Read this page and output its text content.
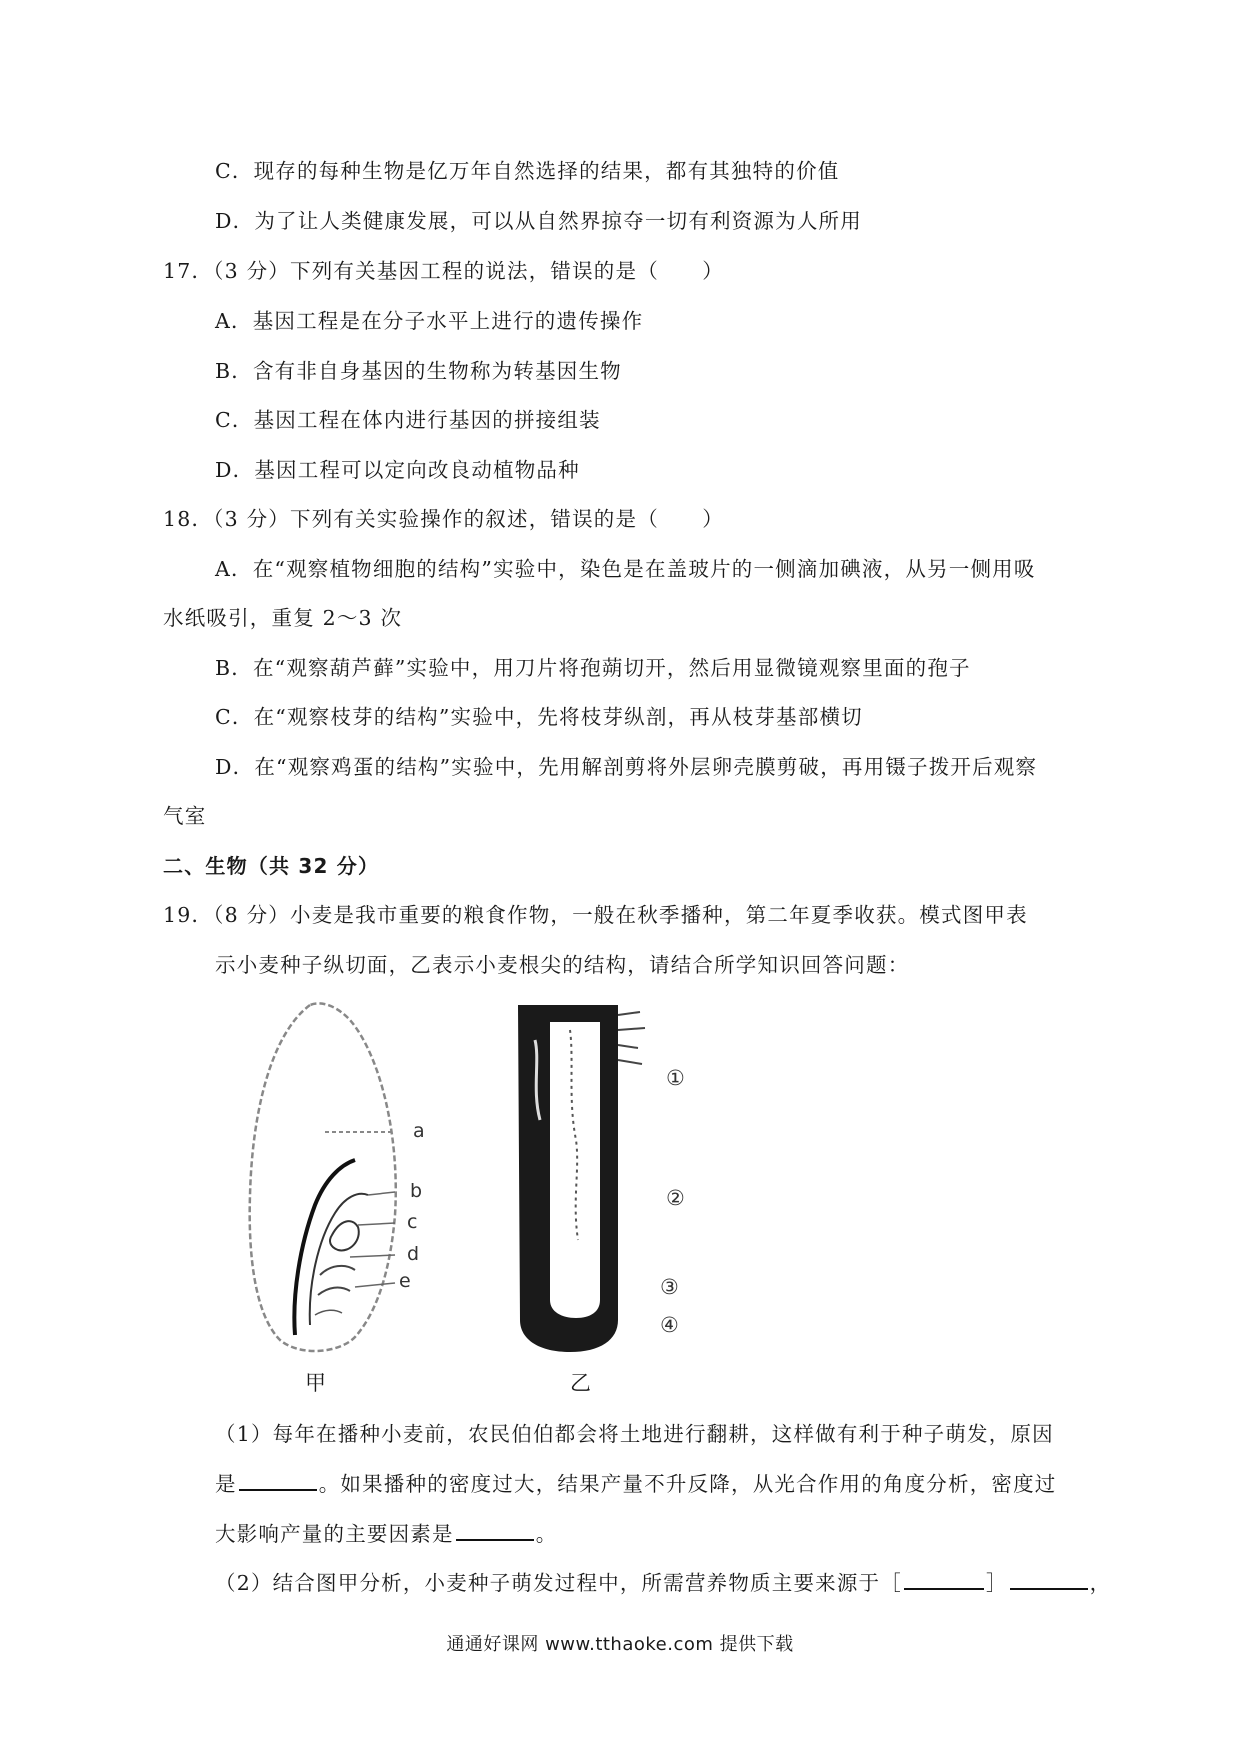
C．现存的每种生物是亿万年自然选择的结果，都有其独特的价值
D．为了让人类健康发展，可以从自然界掠夺一切有利资源为人所用
17．（3 分）下列有关基因工程的说法，错误的是（　　）
A．基因工程是在分子水平上进行的遗传操作
B．含有非自身基因的生物称为转基因生物
C．基因工程在体内进行基因的拼接组装
D．基因工程可以定向改良动植物品种
18．（3 分）下列有关实验操作的叙述，错误的是（　　）
A．在“观察植物细胞的结构”实验中，染色是在盖玻片的一侧滴加碘液，从另一侧用吸
水纸吸引，重复 2～3 次
B．在“观察葫芦藓”实验中，用刀片将孢蒴切开，然后用显微镜观察里面的孢子
C．在“观察枝芽的结构”实验中，先将枝芽纵剖，再从枝芽基部横切
D．在“观察鸡蛋的结构”实验中，先用解剖剪将外层卵壳膜剪破，再用镊子拨开后观察
气室
二、生物（共 32 分）
19．（8 分）小麦是我市重要的粮食作物，一般在秋季播种，第二年夏季收获。模式图甲表
示小麦种子纵切面，乙表示小麦根尖的结构，请结合所学知识回答问题：
a
b
c
d
e
甲
①
②
③
④
乙
（1）每年在播种小麦前，农民伯伯都会将土地进行翻耕，这样做有利于种子萌发，原因
是	。如果播种的密度过大，结果产量不升反降，从光合作用的角度分析，密度过
大影响产量的主要因素是	。
（2）结合图甲分析，小麦种子萌发过程中，所需营养物质主要来源于［	］	，
通通好课网 www.tthaoke.com 提供下载
